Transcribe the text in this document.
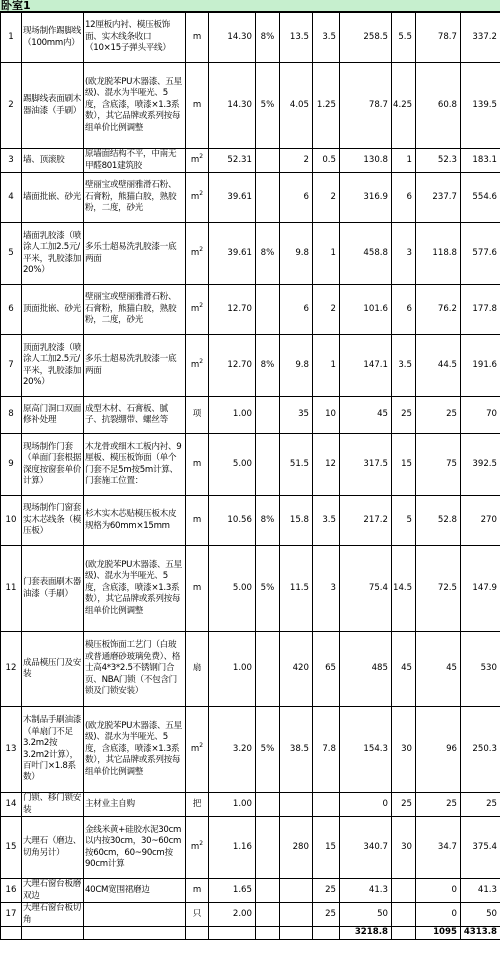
卧室1
1	现场制作踢脚线（100mm内）	12厘板内衬、模压板饰面、实木线条收口（10×15子弹头平线）	m	14.30	8%	13.5	3.5	258.5	5.5	78.7	337.2
2	踢脚线表面刷木器油漆（手刷）	(欧龙脱苯PU木器漆、五星级)、混水为半哑光、5度，含底漆，喷漆×1.3系数），其它品牌或系列按每组单价比例调整	m	14.30	5%	4.05	1.25	78.7	4.25	60.8	139.5
3	墙、顶滚胶	原墙面结构不平，中南无甲醛801建筑胶	$m^2$	52.31		2	0.5	130.8	1	52.3	183.1
4	墙面批嵌、砂光	壁丽宝或壁丽雅滑石粉、石膏粉，熊猫白胶，熟胶粉，二度，砂光	$m^2$	39.61		6	2	316.9	6	237.7	554.6
5	墙面乳胶漆（喷涂人工加2.5元/平米，乳胶漆加20%）	多乐士超易洗乳胶漆一底两面	$m^2$	39.61	8%	9.8	1	458.8	3	118.8	577.6
6	顶面批嵌、砂光	壁丽宝或壁丽雅滑石粉、石膏粉，熊猫白胶，熟胶粉，二度，砂光	$m^2$	12.70		6	2	101.6	6	76.2	177.8
7	顶面乳胶漆（喷涂人工加2.5元/平米，乳胶漆加20%）	多乐士超易洗乳胶漆一底两面	$m^2$	12.70	8%	9.8	1	147.1	3.5	44.5	191.6
8	原高门洞口双面修补处理	成型木材、石膏板、腻子、抗裂绷带、螺丝等	项	1.00		35	10	45	25	25	70
9	现场制作门套（单面门套根据深度按窗套单价计算）	木龙骨或细木工板内衬、9厘板、模压板饰面（单个门套不足5m按5m计算、门套施工位置：	m	5.00		51.5	12	317.5	15	75	392.5
10	现场制作门窗套实木芯线条（模压板）	杉木实木芯贴模压板木皮规格为60mm×15mm	m	10.56	8%	15.8	3.5	217.2	5	52.8	270
11	门套表面刷木器油漆（手刷）	(欧龙脱苯PU木器漆、五星级)、混水为半哑光、5度，含底漆，喷漆×1.3系数），其它品牌或系列按每组单价比例调整	m	5.00	5%	11.5	3	75.4	14.5	72.5	147.9
12	成品模压门及安装	模压板饰面工艺门（白玻或普通磨砂玻璃免费）、格士高4*3*2.5不锈钢门合页、NBA门锁（不包含门锁及门锁安装）	扇	1.00		420	65	485	45	45	530
13	木制品手刷油漆（单扇门不足3.2m2按3.2m2计算），百叶门×1.8系数）	(欧龙脱苯PU木器漆、五星级)、混水为半哑光、5度，含底漆，喷漆×1.3系数），其它品牌或系列按每组单价比例调整	$m^2$	3.20	5%	38.5	7.8	154.3	30	96	250.3
14	门锁、移门锁安装	主材业主自购	把	1.00				0	25	25	25
15	大理石（磨边、切角另计）	金线米黄+硅胶水泥30cm以内按30cm，30~60cm按60cm，60~90cm按90cm计算	$m^2$	1.16		280	15	340.7	30	34.7	375.4
16	大理石窗台板磨双边	40CM宽围裙磨边	m	1.65			25	41.3		0	41.3
17	大理石窗台板切角		只	2.00			25	50		0	50
								3218.8		1095	4313.8
